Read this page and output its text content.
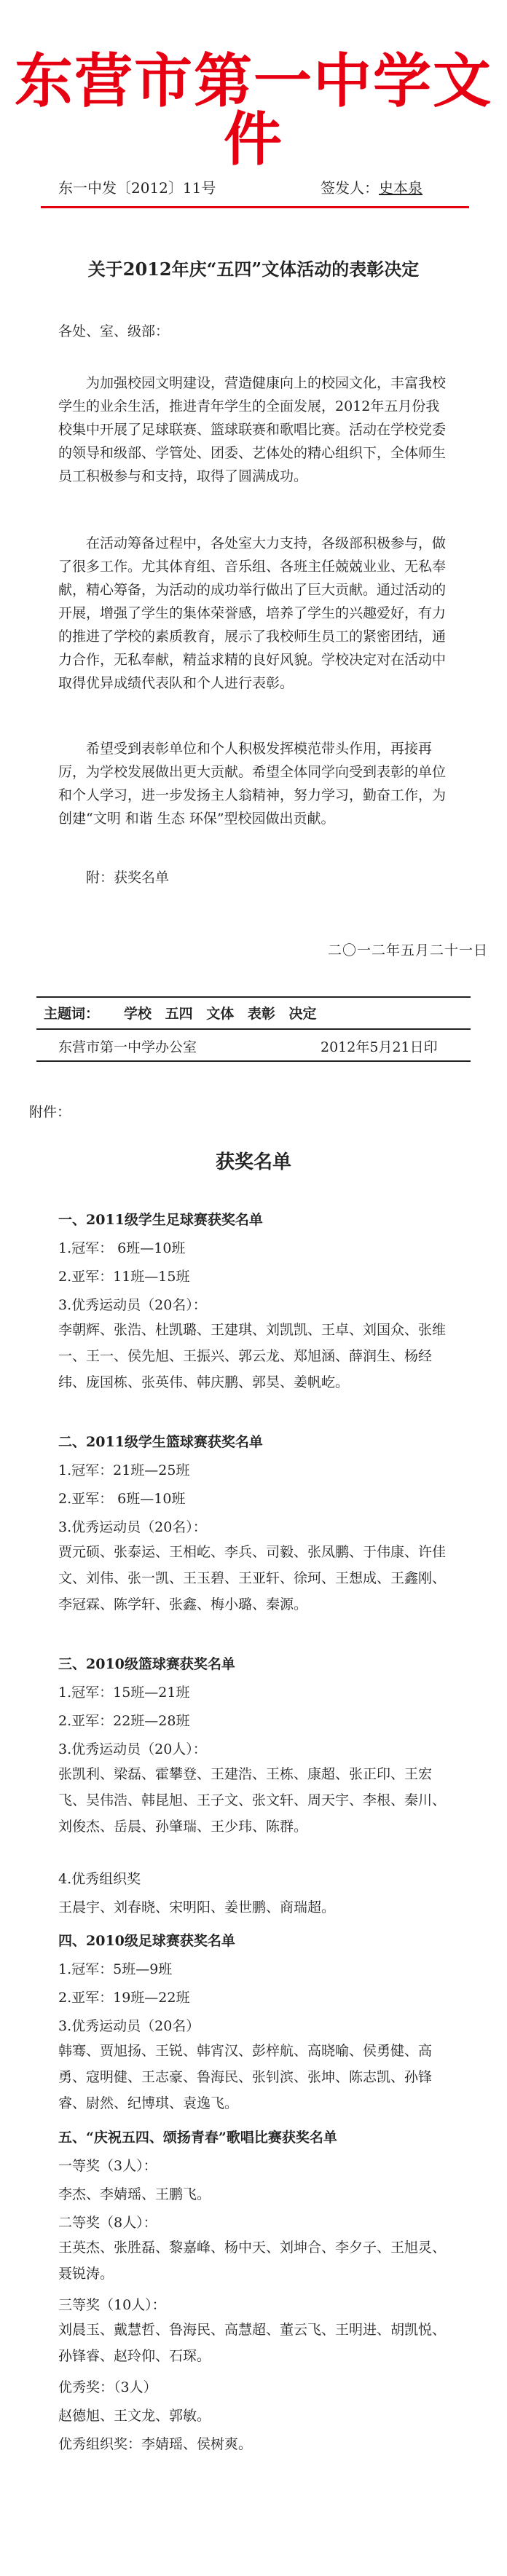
东营市第一中学文件
东一中发〔2012〕11号	签发人：史本泉
关于2012年庆“五四”文体活动的表彰决定
各处、室、级部：

为加强校园文明建设，营造健康向上的校园文化，丰富我校学生的业余生活，推进青年学生的全面发展，2012年五月份我校集中开展了足球联赛、篮球联赛和歌唱比赛。活动在学校党委的领导和级部、学管处、团委、艺体处的精心组织下，全体师生员工积极参与和支持，取得了圆满成功。

在活动筹备过程中，各处室大力支持，各级部积极参与，做了很多工作。尤其体育组、音乐组、各班主任兢兢业业、无私奉献，精心筹备，为活动的成功举行做出了巨大贡献。通过活动的开展，增强了学生的集体荣誉感，培养了学生的兴趣爱好，有力的推进了学校的素质教育，展示了我校师生员工的紧密团结，通力合作，无私奉献，精益求精的良好风貌。学校决定对在活动中取得优异成绩代表队和个人进行表彰。

希望受到表彰单位和个人积极发挥模范带头作用，再接再厉，为学校发展做出更大贡献。希望全体同学向受到表彰的单位和个人学习，进一步发扬主人翁精神，努力学习，勤奋工作，为创建“文明 和谐 生态 环保”型校园做出贡献。

附：获奖名单
二〇一二年五月二十一日
主题词： 学校 五四 文体 表彰 决定
东营市第一中学办公室	2012年5月21日印
附件：
获奖名单
一、2011级学生足球赛获奖名单
1.冠军： 6班—10班
2.亚军：11班—15班
3.优秀运动员（20名）：

李朝辉、张浩、杜凯璐、王建琪、刘凯凯、王卓、刘国众、张维一、王一、侯先旭、王振兴、郭云龙、郑旭涵、薛润生、杨经纬、庞国栋、张英伟、韩庆鹏、郭昊、姜帆屹。

二、2011级学生篮球赛获奖名单
1.冠军：21班—25班
2.亚军： 6班—10班
3.优秀运动员（20名）：

贾元硕、张泰运、王相屹、李兵、司毅、张凤鹏、于伟康、许佳文、刘伟、张一凯、王玉碧、王亚轩、徐珂、王想成、王鑫刚、李冠霖、陈学轩、张鑫、梅小璐、秦源。

三、2010级篮球赛获奖名单
1.冠军：15班—21班
2.亚军：22班—28班
3.优秀运动员（20人）：

张凯利、梁磊、霍攀登、王建浩、王栋、康超、张正印、王宏飞、吴伟浩、韩昆旭、王子文、张文轩、周天宇、李根、秦川、刘俊杰、岳晨、孙肇瑞、王少玮、陈群。

4.优秀组织奖
王晨宇、刘春晓、宋明阳、姜世鹏、商瑞超。
四、2010级足球赛获奖名单
1.冠军：5班—9班
2.亚军：19班—22班
3.优秀运动员（20名）

韩骞、贾旭扬、王锐、韩宵汉、彭梓航、高晓喻、侯勇健、高勇、寇明健、王志豪、鲁海民、张钊滨、张坤、陈志凯、孙锋睿、尉然、纪博琪、袁逸飞。

五、“庆祝五四、颂扬青春”歌唱比赛获奖名单
一等奖（3人）：
李杰、李婧瑶、王鹏飞。
二等奖（8人）：

王英杰、张胜磊、黎嘉峰、杨中天、刘坤合、李夕子、王旭灵、聂锐涛。

三等奖（10人）：

刘晨玉、戴慧哲、鲁海民、高慧超、董云飞、王明进、胡凯悦、孙锋睿、赵玲仰、石琛。

优秀奖：（3人）
赵德旭、王文龙、郭敏。
优秀组织奖：李婧瑶、侯树爽。
